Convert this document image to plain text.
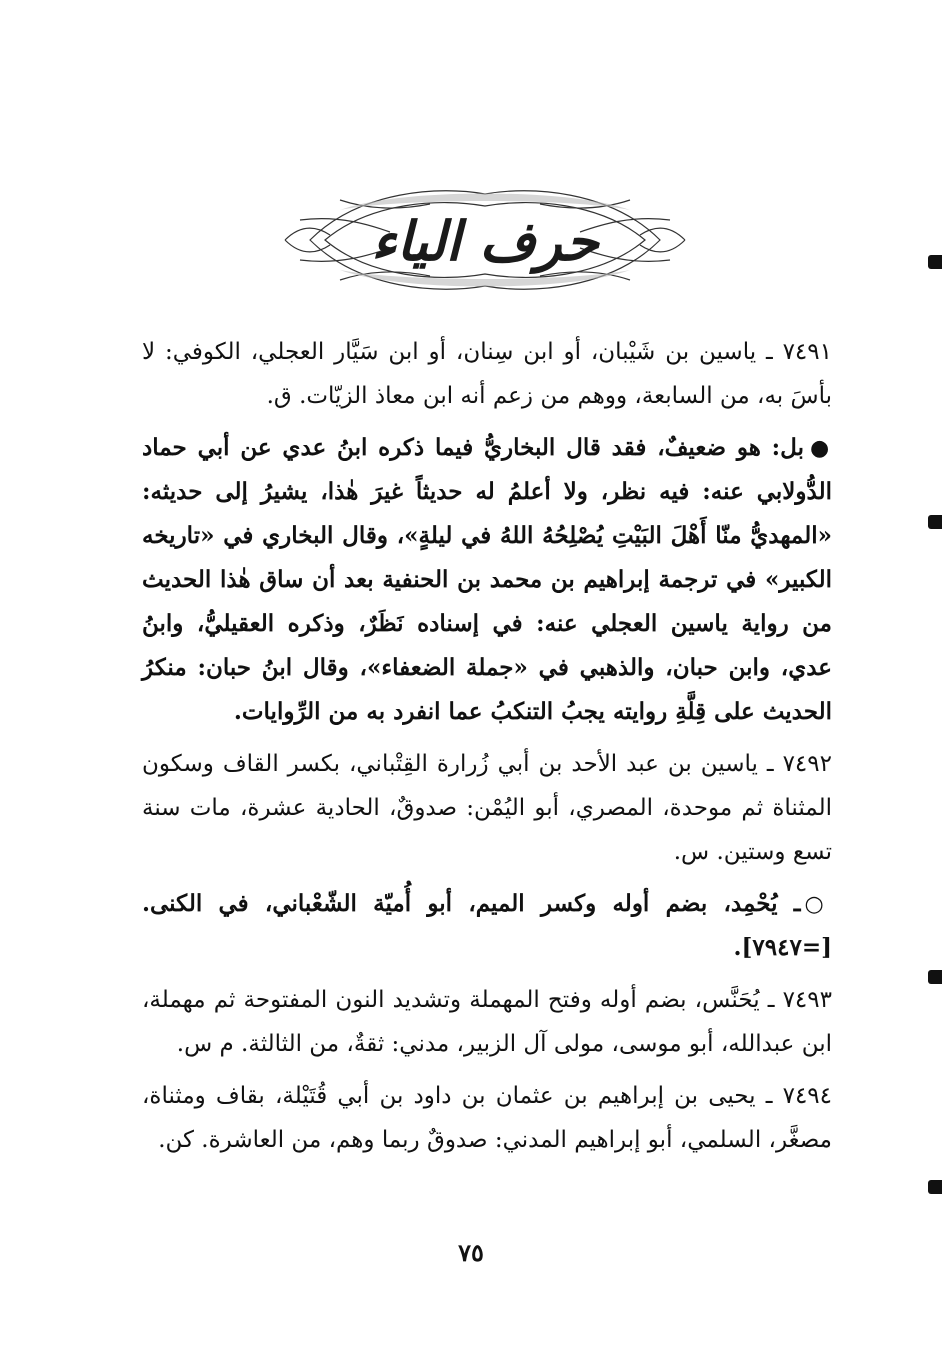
حرف الياء

٧٤٩١ ـ ياسين بن شَيْبان، أو ابن سِنان، أو ابن سَيَّار العجلي، الكوفي: لا بأسَ به، من السابعة، ووهم من زعم أنه ابن معاذ الزيّات. ق.

●بل: هو ضعيفٌ، فقد قال البخاريُّ فيما ذكره ابنُ عدي عن أبي حماد الدُّولابي عنه: فيه نظر، ولا أعلمُ له حديثاً غيرَ هٰذا، يشيرُ إلى حديثه: «المهديُّ منّا أَهْلَ البَيْتِ يُصْلِحُهُ اللهُ في ليلةٍ»، وقال البخاري في «تاريخه الكبير» في ترجمة إبراهيم بن محمد بن الحنفية بعد أن ساق هٰذا الحديث من رواية ياسين العجلي عنه: في إسناده نَظَرٌ، وذكره العقيليُّ، وابنُ عدي، وابن حبان، والذهبي في «جملة الضعفاء»، وقال ابنُ حبان: منكرُ الحديث على قِلَّةِ روايته يجبُ التنكبُ عما انفرد به من الرِّوايات.

٧٤٩٢ ـ ياسين بن عبد الأحد بن أبي زُرارة القِتْباني، بكسر القاف وسكون المثناة ثم موحدة، المصري، أبو اليُمْن: صدوقٌ، الحادية عشرة، مات سنة تسع وستين. س.

○ـ يُحْمِد، بضم أوله وكسر الميم، أبو أُميّة الشّعْباني، في الكنى. [=٧٩٤٧].

٧٤٩٣ ـ يُحَنَّس، بضم أوله وفتح المهملة وتشديد النون المفتوحة ثم مهملة، ابن عبدالله، أبو موسى، مولى آل الزبير، مدني: ثقةٌ، من الثالثة. م س.

٧٤٩٤ ـ يحيى بن إبراهيم بن عثمان بن داود بن أبي قُتَيْلة، بقاف ومثناة، مصغَّر، السلمي، أبو إبراهيم المدني: صدوقٌ ربما وهم، من العاشرة. كن.

٧٥
